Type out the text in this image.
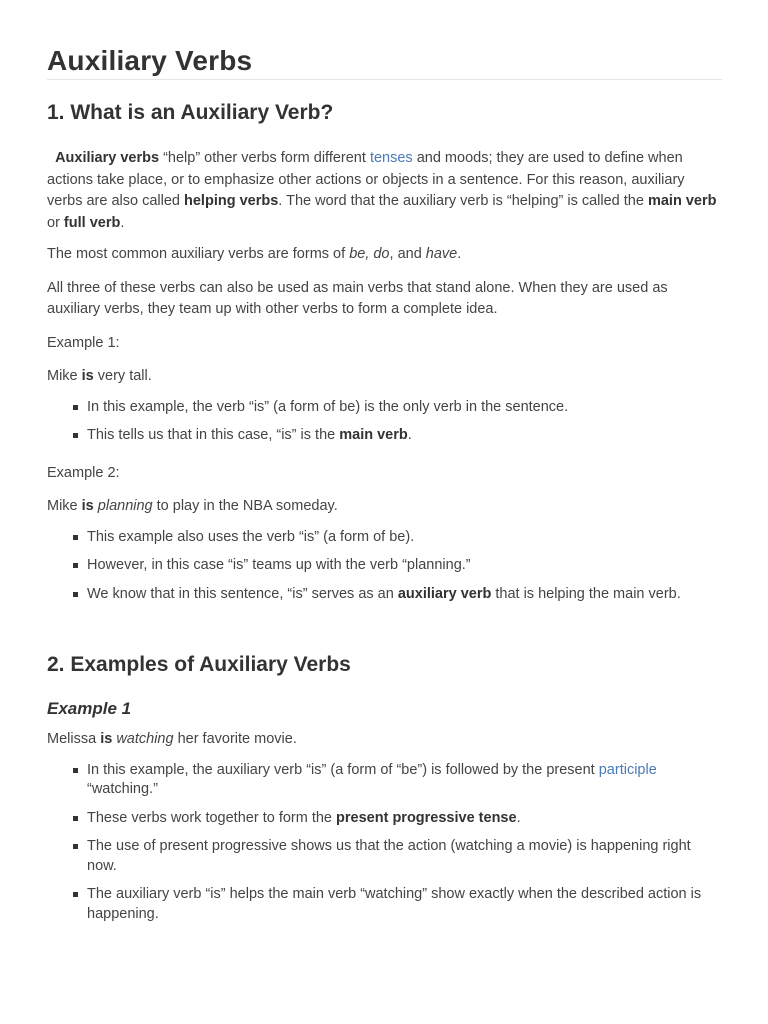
Auxiliary Verbs
1. What is an Auxiliary Verb?

Auxiliary verbs “help” other verbs form different tenses and moods; they are used to define when actions take place, or to emphasize other actions or objects in a sentence. For this reason, auxiliary verbs are also called helping verbs. The word that the auxiliary verb is “helping” is called the main verb or full verb.

The most common auxiliary verbs are forms of be, do, and have.

All three of these verbs can also be used as main verbs that stand alone. When they are used as auxiliary verbs, they team up with other verbs to form a complete idea.

Example 1:

Mike is very tall.

In this example, the verb “is” (a form of be) is the only verb in the sentence.
This tells us that in this case, “is” is the main verb.

Example 2:

Mike is planning to play in the NBA someday.

This example also uses the verb “is” (a form of be).
However, in this case “is” teams up with the verb “planning.”
We know that in this sentence, “is” serves as an auxiliary verb that is helping the main verb.
2. Examples of Auxiliary Verbs
Example 1

Melissa is watching her favorite movie.

In this example, the auxiliary verb “is” (a form of “be”) is followed by the present participle “watching.”
These verbs work together to form the present progressive tense.
The use of present progressive shows us that the action (watching a movie) is happening right now.
The auxiliary verb “is” helps the main verb “watching” show exactly when the described action is happening.
